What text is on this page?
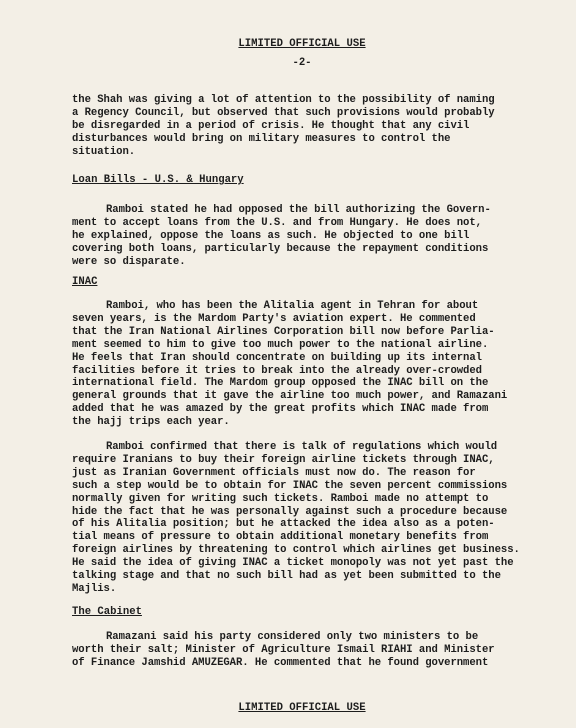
LIMITED OFFICIAL USE
-2-
the Shah was giving a lot of attention to the possibility of naming
a Regency Council, but observed that such provisions would probably
be disregarded in a period of crisis. He thought that any civil
disturbances would bring on military measures to control the
situation.
Loan Bills - U.S. & Hungary
Ramboi stated he had opposed the bill authorizing the Govern-
ment to accept loans from the U.S. and from Hungary. He does not,
he explained, oppose the loans as such. He objected to one bill
covering both loans, particularly because the repayment conditions
were so disparate.
INAC
Ramboi, who has been the Alitalia agent in Tehran for about
seven years, is the Mardom Party's aviation expert. He commented
that the Iran National Airlines Corporation bill now before Parlia-
ment seemed to him to give too much power to the national airline.
He feels that Iran should concentrate on building up its internal
facilities before it tries to break into the already over-crowded
international field. The Mardom group opposed the INAC bill on the
general grounds that it gave the airline too much power, and Ramazani
added that he was amazed by the great profits which INAC made from
the hajj trips each year.
Ramboi confirmed that there is talk of regulations which would
require Iranians to buy their foreign airline tickets through INAC,
just as Iranian Government officials must now do. The reason for
such a step would be to obtain for INAC the seven percent commissions
normally given for writing such tickets. Ramboi made no attempt to
hide the fact that he was personally against such a procedure because
of his Alitalia position; but he attacked the idea also as a poten-
tial means of pressure to obtain additional monetary benefits from
foreign airlines by threatening to control which airlines get business.
He said the idea of giving INAC a ticket monopoly was not yet past the
talking stage and that no such bill had as yet been submitted to the
Majlis.
The Cabinet
Ramazani said his party considered only two ministers to be
worth their salt; Minister of Agriculture Ismail RIAHI and Minister
of Finance Jamshid AMUZEGAR. He commented that he found government
LIMITED OFFICIAL USE
